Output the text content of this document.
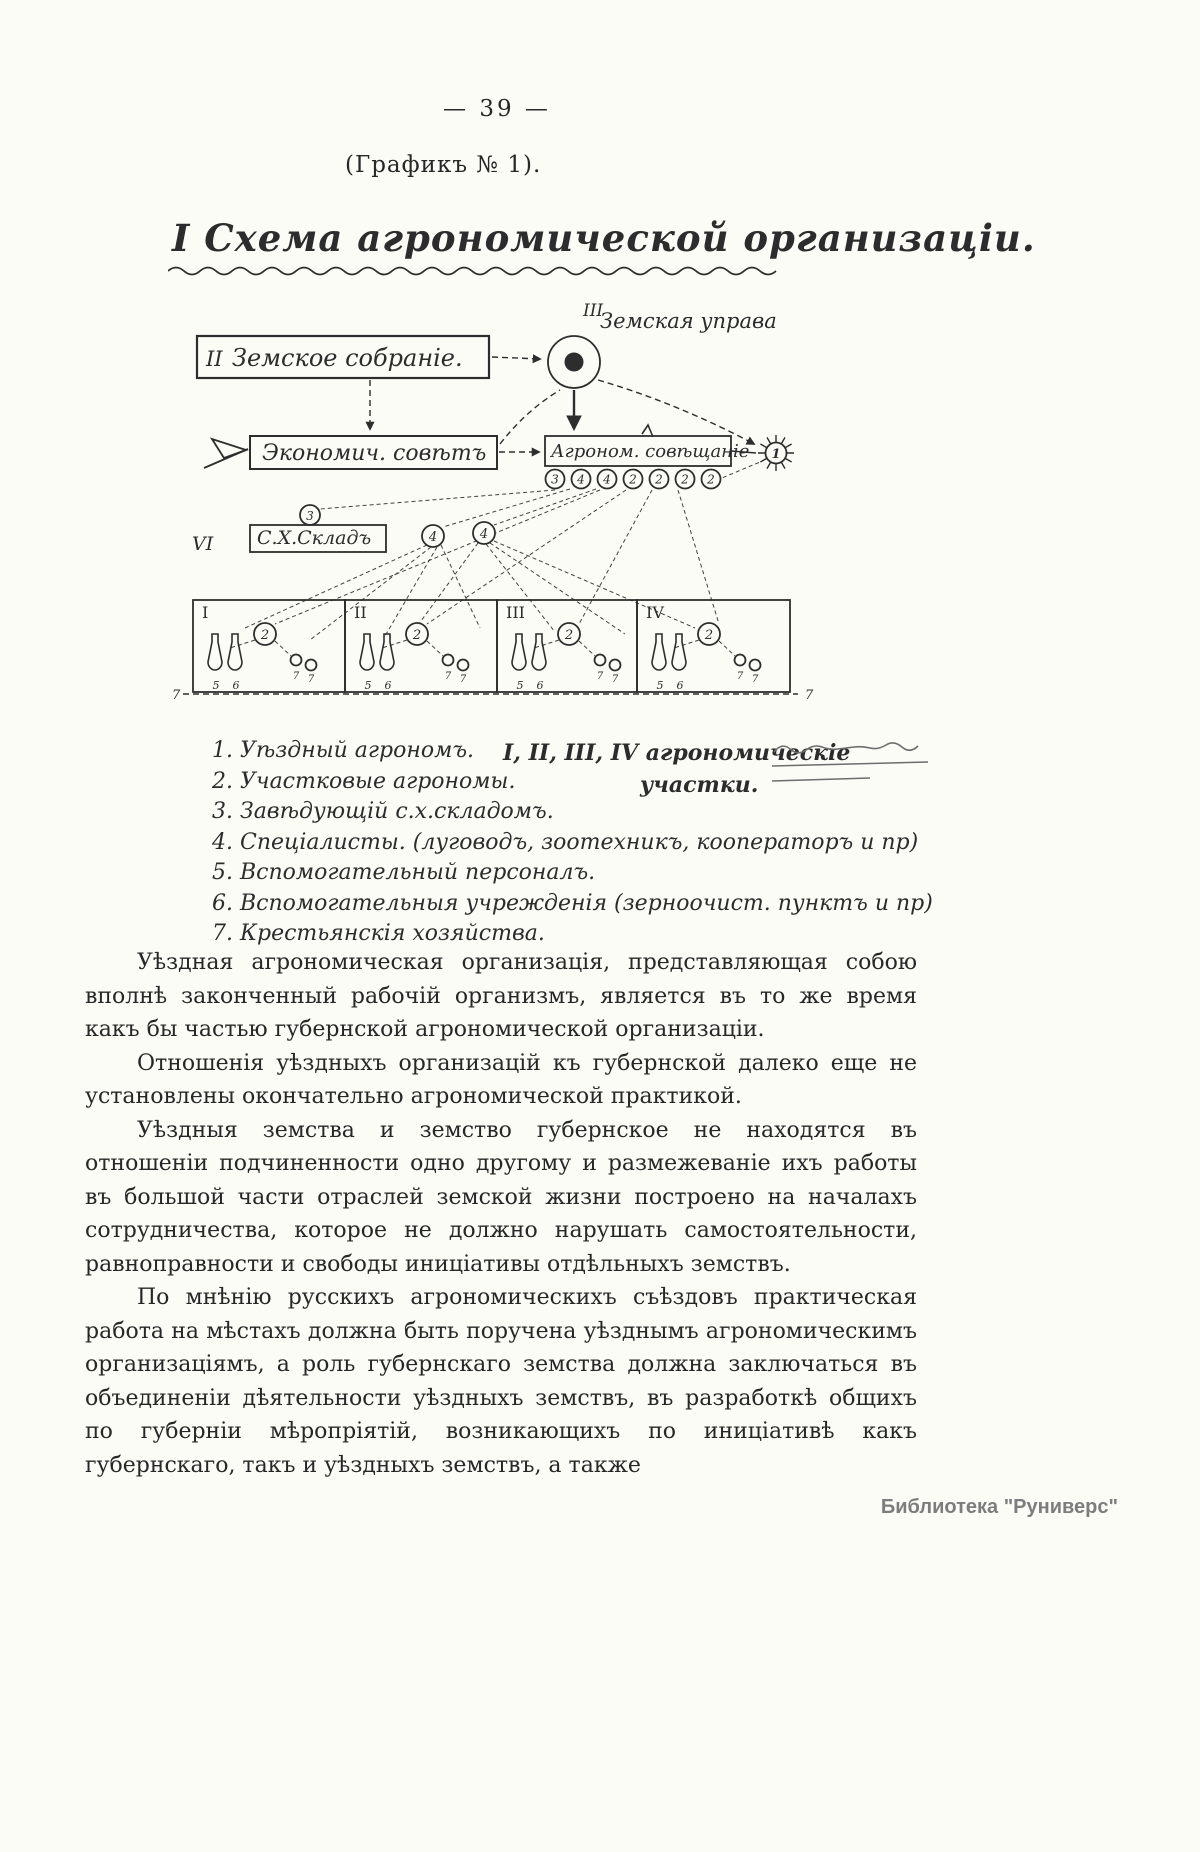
— 39 —
(Графикъ № 1).
I Схема агрономической организаціи.
III
Земская управа
II Земское собраніе.
Экономич. совѣтъ	Агроном. совѣщаніе 1
3 4 4 2 2 2 2
VI
3
С.Х.Складъ	4	4
I
5 6
2
7 7
II
5 6
2
7 7
III
5 6
2
7 7
IV
5 6
2
7 7
7	7
1. Уѣздный агрономъ.
2. Участковые агрономы.
3. Завѣдующій с.х.складомъ.
4. Спеціалисты. (луговодъ, зоотехникъ, кооператоръ и пр)
5. Вспомогательный персоналъ.
6. Вспомогательныя учрежденія (зерноочист. пунктъ и пр)
7. Крестьянскія хозяйства.
I, II, III, IV агрономическіе
участки.

Уѣздная агрономическая организація, представляющая собою вполнѣ законченный рабочій организмъ, является въ то же время какъ бы частью губернской агрономической организаціи.

Отношенія уѣздныхъ организацій къ губернской далеко еще не установлены окончательно агрономической практикой.

Уѣздныя земства и земство губернское не находятся въ отношеніи подчиненности одно другому и размежеваніе ихъ работы въ большой части отраслей земской жизни построено на началахъ сотрудничества, которое не должно нарушать самостоятельности, равноправности и свободы иниціативы отдѣльныхъ земствъ.

По мнѣнію русскихъ агрономическихъ съѣздовъ практическая работа на мѣстахъ должна быть поручена уѣзднымъ агрономическимъ организаціямъ, а роль губернскаго земства должна заключаться въ объединеніи дѣятельности уѣздныхъ земствъ, въ разработкѣ общихъ по губерніи мѣропріятій, возникающихъ по иниціативѣ какъ губернскаго, такъ и уѣздныхъ земствъ, а также

Библиотека "Руниверс"
